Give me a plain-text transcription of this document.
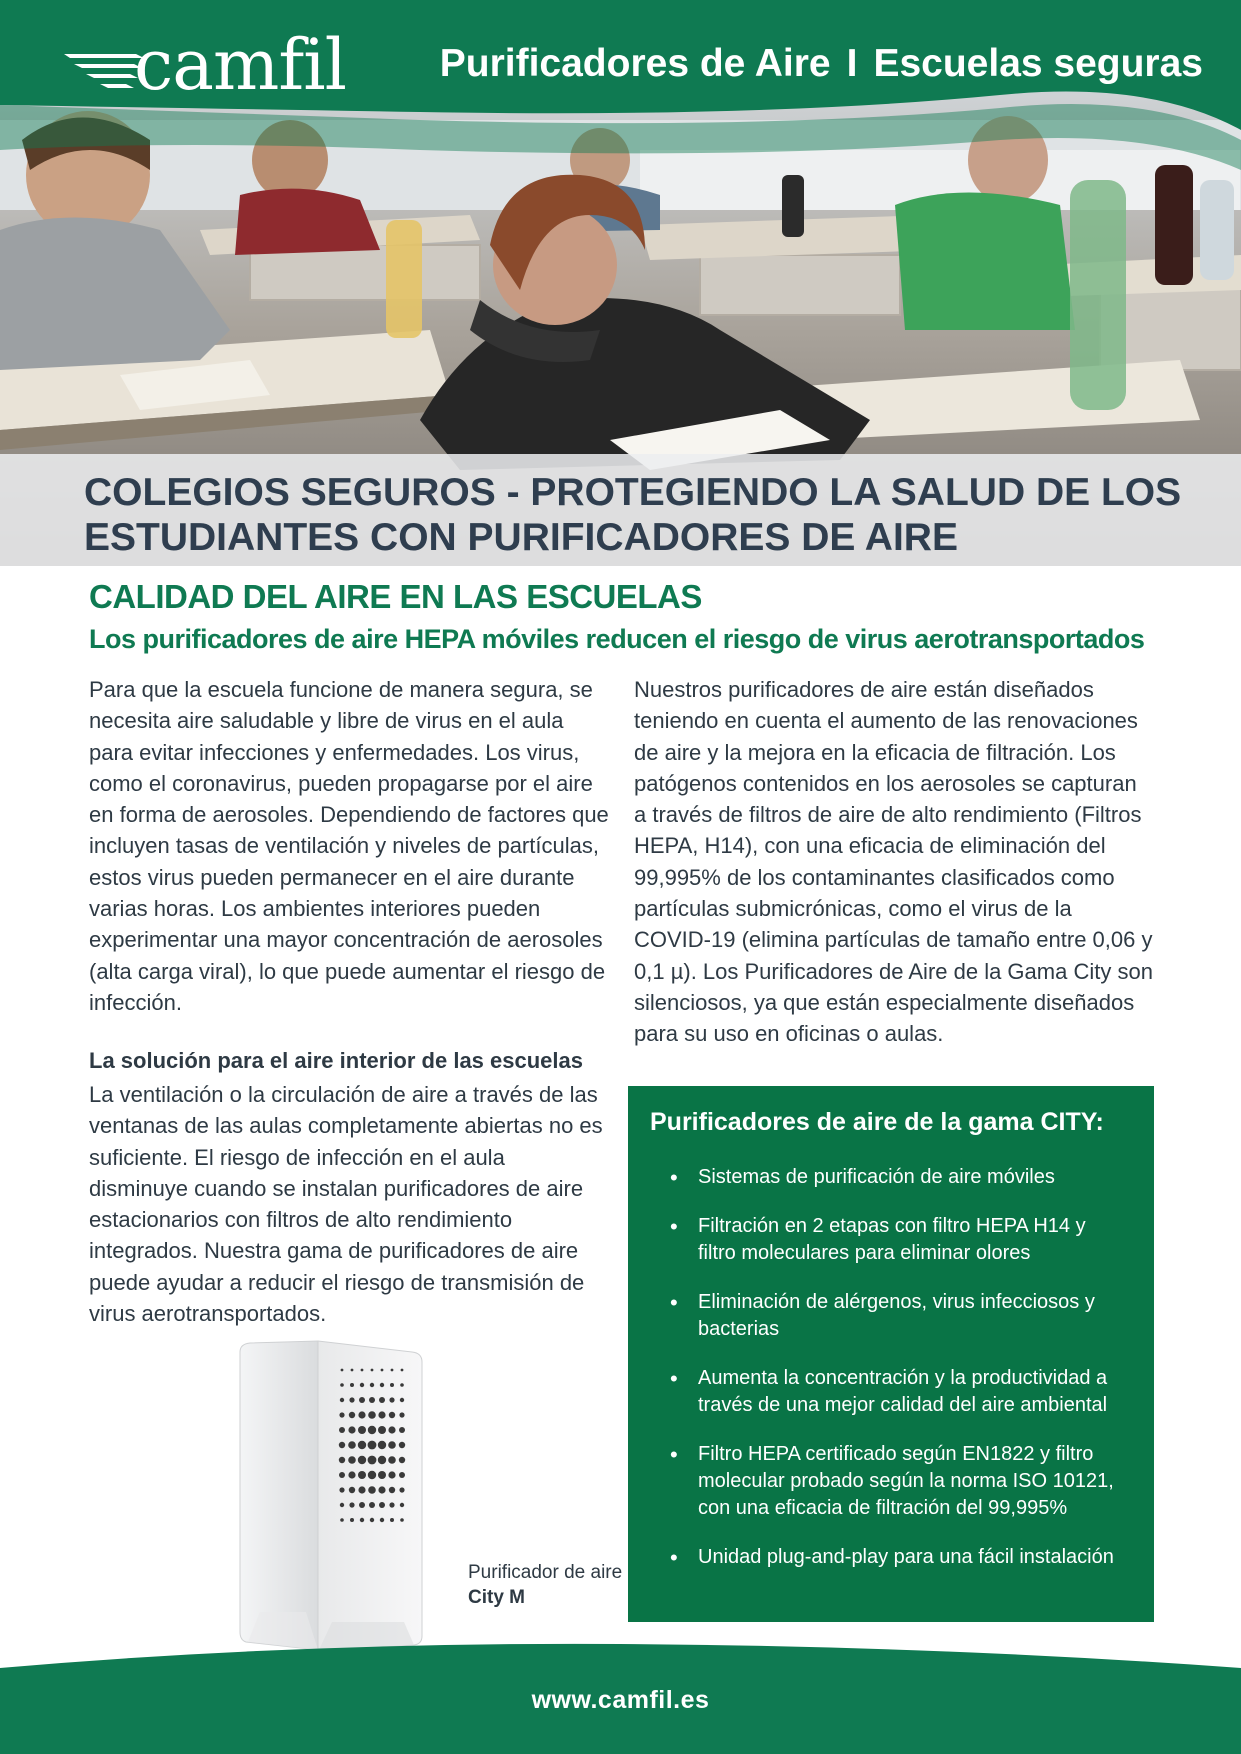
camfil Purificadores de Aire I Escuelas seguras
COLEGIOS SEGUROS - PROTEGIENDO LA SALUD DE LOS ESTUDIANTES CON PURIFICADORES DE AIRE
CALIDAD DEL AIRE EN LAS ESCUELAS
Los purificadores de aire HEPA móviles reducen el riesgo de virus aerotransportados

Para que la escuela funcione de manera segura, se necesita aire saludable y libre de virus en el aula para evitar infecciones y enfermedades. Los virus, como el coronavirus, pueden propagarse por el aire en forma de aerosoles. Dependiendo de factores que incluyen tasas de ventilación y niveles de partículas, estos virus pueden permanecer en el aire durante varias horas. Los ambientes interiores pueden experimentar una mayor concentración de aerosoles (alta carga viral), lo que puede aumentar el riesgo de infección.

Nuestros purificadores de aire están diseñados teniendo en cuenta el aumento de las renovaciones de aire y la mejora en la eficacia de filtración. Los patógenos contenidos en los aerosoles se capturan a través de filtros de aire de alto rendimiento (Filtros HEPA, H14), con una eficacia de eliminación del 99,995% de los contaminantes clasificados como partículas submicrónicas, como el virus de la COVID-19 (elimina partículas de tamaño entre 0,06 y 0,1 µ). Los Purificadores de Aire de la Gama City son silenciosos, ya que están especialmente diseñados para su uso en oficinas o aulas.

La solución para el aire interior de las escuelas

La ventilación o la circulación de aire a través de las ventanas de las aulas completamente abiertas no es suficiente. El riesgo de infección en el aula disminuye cuando se instalan purificadores de aire estacionarios con filtros de alto rendimiento integrados. Nuestra gama de purificadores de aire puede ayudar a reducir el riesgo de transmisión de virus aerotransportados.

Purificador de aire
City M
Purificadores de aire de la gama CITY:
• Sistemas de purificación de aire móviles
• Filtración en 2 etapas con filtro HEPA H14 y filtro moleculares para eliminar olores
• Eliminación de alérgenos, virus infecciosos y bacterias
• Aumenta la concentración y la productividad a través de una mejor calidad del aire ambiental
• Filtro HEPA certificado según EN1822 y filtro molecular probado según la norma ISO 10121, con una eficacia de filtración del 99,995%
• Unidad plug-and-play para una fácil instalación
www.camfil.es
